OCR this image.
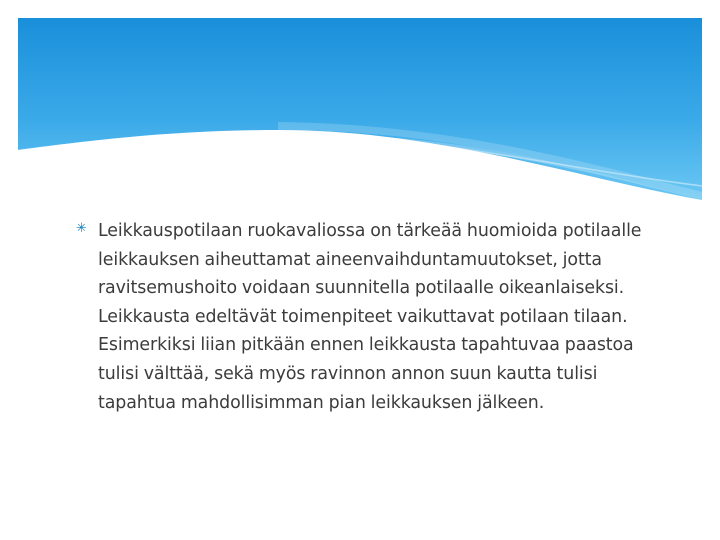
✳ Leikkauspotilaan ruokavaliossa on tärkeää huomioida potilaalle leikkauksen aiheuttamat aineenvaihduntamuutokset, jotta ravitsemushoito voidaan suunnitella potilaalle oikeanlaiseksi. Leikkausta edeltävät toimenpiteet vaikuttavat potilaan tilaan. Esimerkiksi liian pitkään ennen leikkausta tapahtuvaa paastoa tulisi välttää, sekä myös ravinnon annon suun kautta tulisi tapahtua mahdollisimman pian leikkauksen jälkeen.
